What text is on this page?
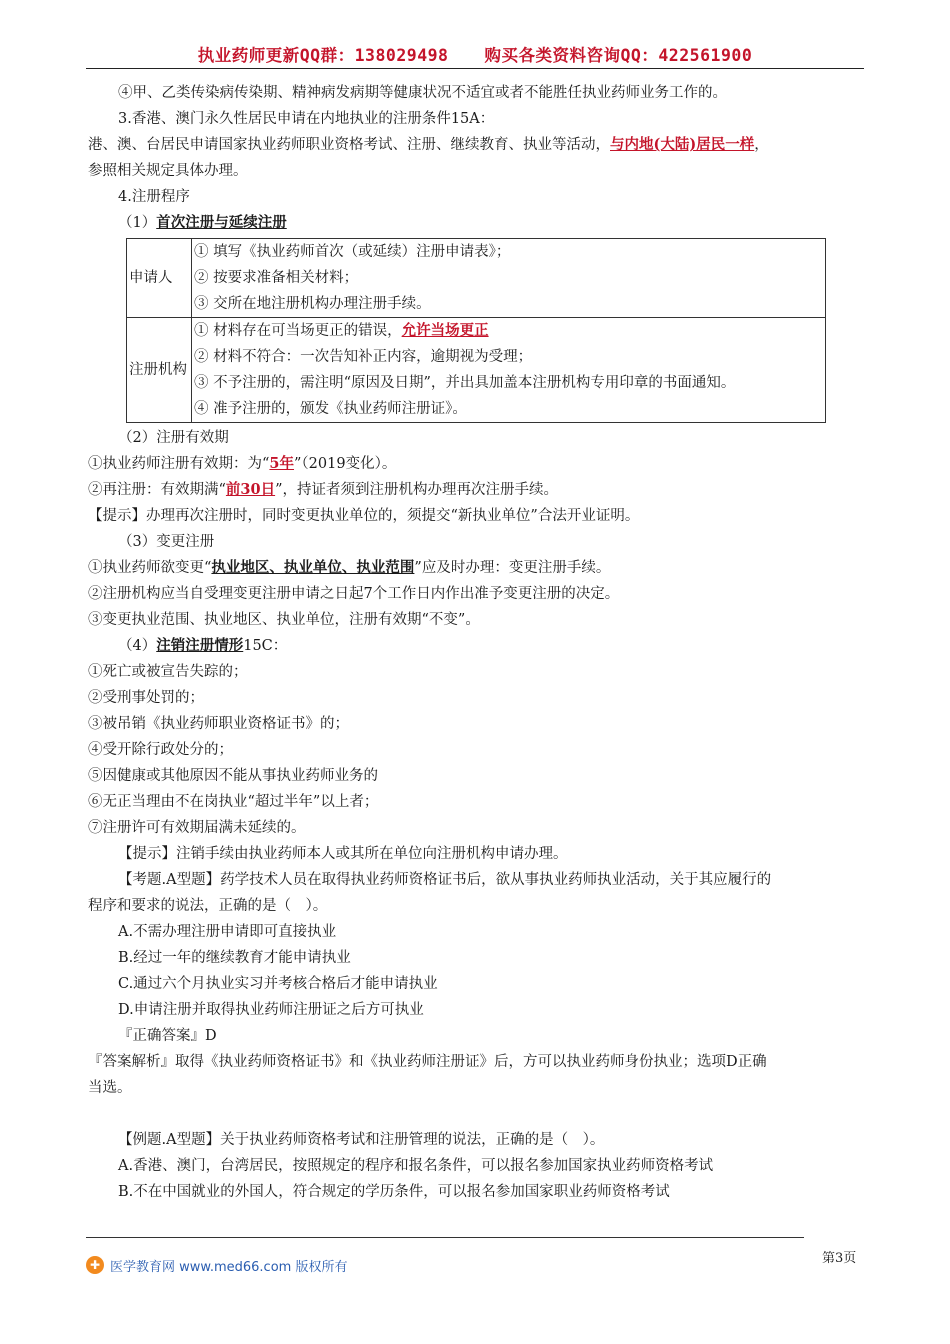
执业药师更新QQ群：138029498 购买各类资料咨询QQ：422561900

④甲、乙类传染病传染期、精神病发病期等健康状况不适宜或者不能胜任执业药师业务工作的。

3.香港、澳门永久性居民申请在内地执业的注册条件15A：

港、澳、台居民申请国家执业药师职业资格考试、注册、继续教育、执业等活动，与内地(大陆)居民一样，

参照相关规定具体办理。

4.注册程序

（1）首次注册与延续注册

申请人	① 填写《执业药师首次（或延续）注册申请表》；
② 按要求准备相关材料；
③ 交所在地注册机构办理注册手续。

注册机构	① 材料存在可当场更正的错误，允许当场更正
② 材料不符合：一次告知补正内容，逾期视为受理；
③ 不予注册的，需注明“原因及日期”，并出具加盖本注册机构专用印章的书面通知。
④ 准予注册的，颁发《执业药师注册证》。

（2）注册有效期

①执业药师注册有效期：为“5年”（2019变化）。

②再注册：有效期满“前30日”，持证者须到注册机构办理再次注册手续。

【提示】办理再次注册时，同时变更执业单位的，须提交“新执业单位”合法开业证明。

（3）变更注册

①执业药师欲变更“执业地区、执业单位、执业范围”应及时办理：变更注册手续。

②注册机构应当自受理变更注册申请之日起7个工作日内作出准予变更注册的决定。

③变更执业范围、执业地区、执业单位，注册有效期“不变”。

（4）注销注册情形15C：

①死亡或被宣告失踪的；

②受刑事处罚的；

③被吊销《执业药师职业资格证书》的；

④受开除行政处分的；

⑤因健康或其他原因不能从事执业药师业务的

⑥无正当理由不在岗执业“超过半年”以上者；

⑦注册许可有效期届满未延续的。

【提示】注销手续由执业药师本人或其所在单位向注册机构申请办理。

【考题.A型题】药学技术人员在取得执业药师资格证书后，欲从事执业药师执业活动，关于其应履行的

程序和要求的说法，正确的是（　）。

A.不需办理注册申请即可直接执业

B.经过一年的继续教育才能申请执业

C.通过六个月执业实习并考核合格后才能申请执业

D.申请注册并取得执业药师注册证之后方可执业

『正确答案』D

『答案解析』取得《执业药师资格证书》和《执业药师注册证》后，方可以执业药师身份执业；选项D正确

当选。

【例题.A型题】关于执业药师资格考试和注册管理的说法，正确的是（　）。

A.香港、澳门，台湾居民，按照规定的程序和报名条件，可以报名参加国家执业药师资格考试

B.不在中国就业的外国人，符合规定的学历条件，可以报名参加国家职业药师资格考试

✚ 医学教育网 www.med66.com 版权所有
第3页
